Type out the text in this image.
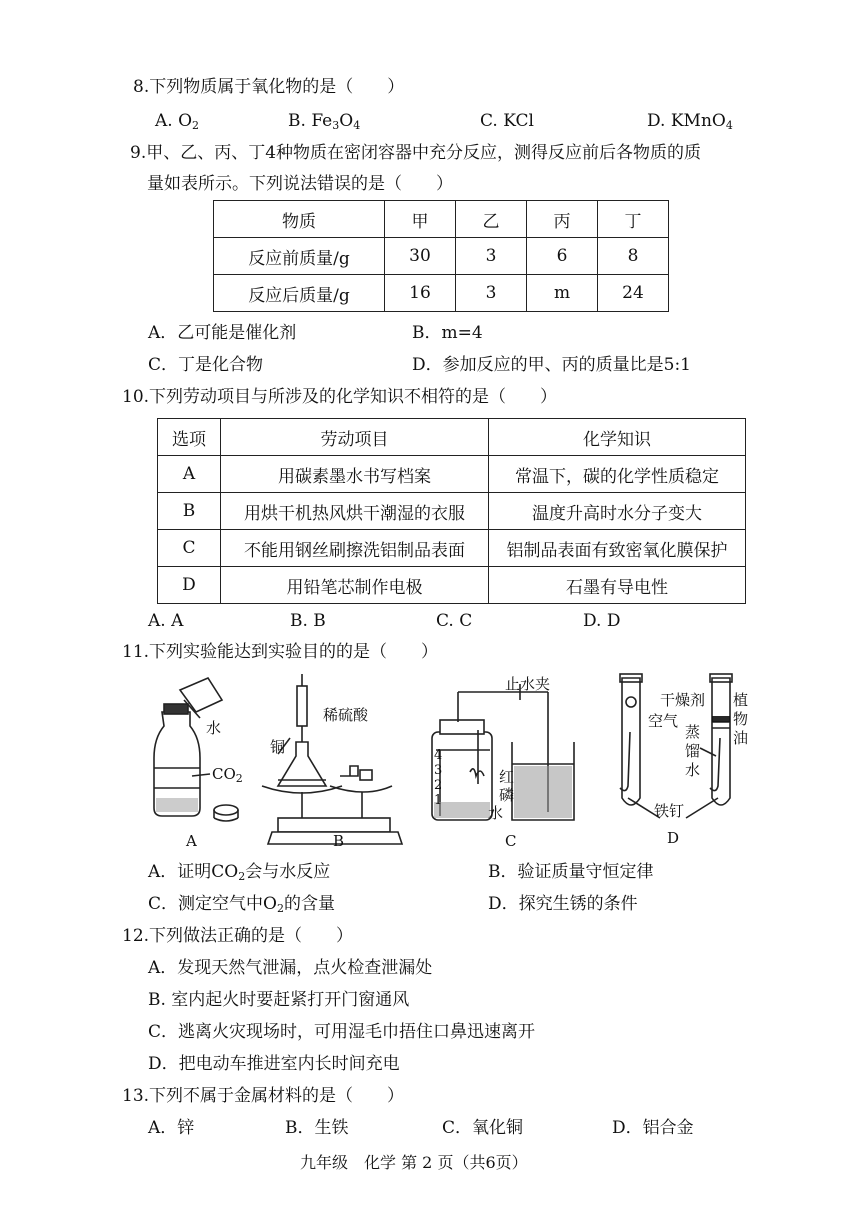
8.下列物质属于氧化物的是（　　）
A. $O_2$	B. $Fe_3O_4$	C. KCl	D. KMnO$_4$
9.甲、乙、丙、丁4种物质在密闭容器中充分反应，测得反应前后各物质的质
量如表所示。下列说法错误的是（　　）
物质	甲	乙	丙	丁
反应前质量/g	30	3	6	8
反应后质量/g	16	3	m	24
A．乙可能是催化剂	B．m=4
C．丁是化合物	D．参加反应的甲、丙的质量比是5:1
10.下列劳动项目与所涉及的化学知识不相符的是（　　）
选项	劳动项目	化学知识
A	用碳素墨水书写档案	常温下，碳的化学性质稳定
B	用烘干机热风烘干潮湿的衣服	温度升高时水分子变大
C	不能用钢丝刷擦洗铝制品表面	铝制品表面有致密氧化膜保护
D	用铅笔芯制作电极	石墨有导电性
A. A	B. B	C. C	D. D
11.下列实验能达到实验目的的是（　　）
水
$CO_2$
A
稀硫酸
铜
B
止水夹
4
3
2
1
红
磷
水
C
干燥剂
空气
植
物
油
蒸
馏
水
铁钉
D
A．证明$CO_2$会与水反应	B．验证质量守恒定律
C．测定空气中$O_2$的含量	D．探究生锈的条件
12.下列做法正确的是（　　）
A．发现天然气泄漏，点火检查泄漏处
B. 室内起火时要赶紧打开门窗通风
C．逃离火灾现场时，可用湿毛巾捂住口鼻迅速离开
D．把电动车推进室内长时间充电
13.下列不属于金属材料的是（　　）
A．锌	B．生铁	C．氧化铜	D．铝合金
九年级　化学 第 2 页（共6页）
